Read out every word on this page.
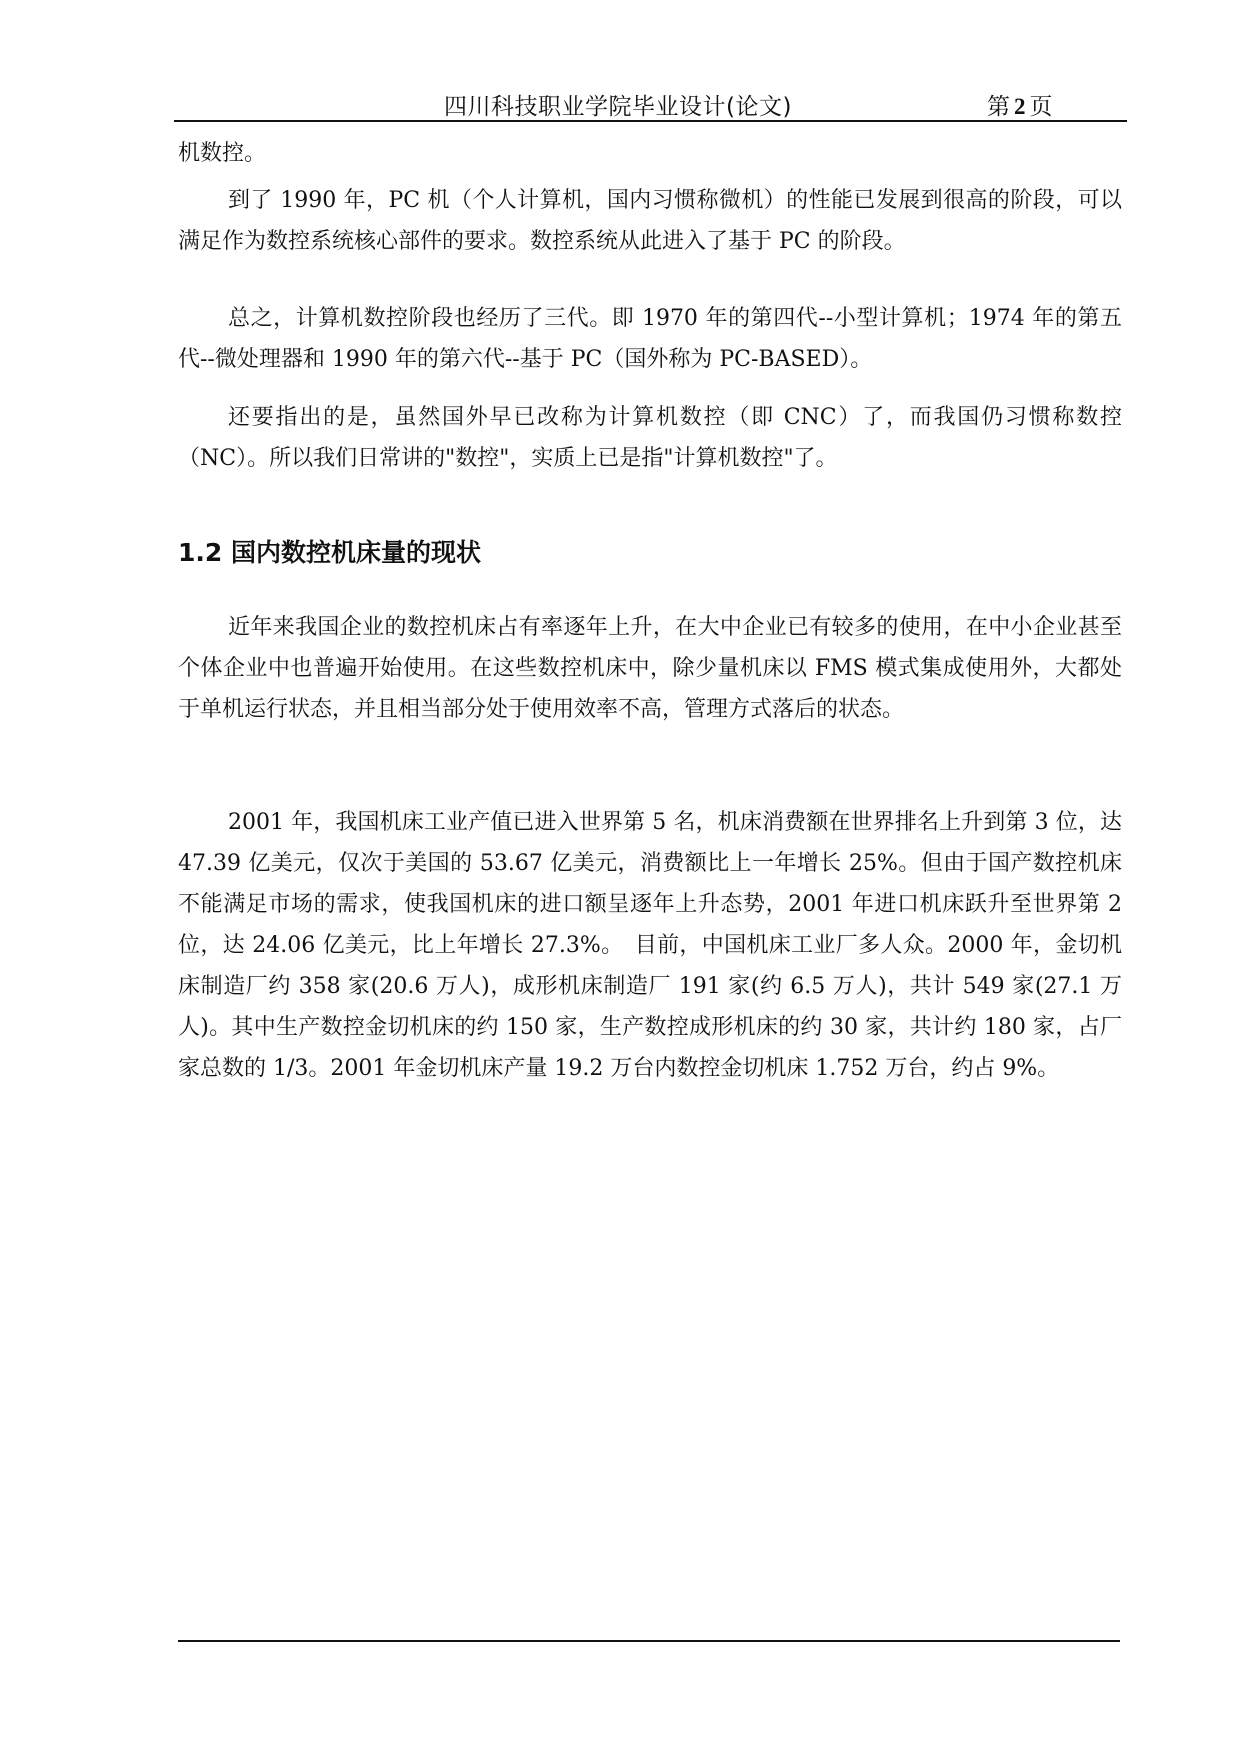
四川科技职业学院毕业设计(论文)	第 2 页

机数控。

到了 1990 年，PC 机（个人计算机，国内习惯称微机）的性能已发展到很高的阶段，可以满足作为数控系统核心部件的要求。数控系统从此进入了基于 PC 的阶段。

总之，计算机数控阶段也经历了三代。即 1970 年的第四代--小型计算机；1974 年的第五代--微处理器和 1990 年的第六代--基于 PC（国外称为 PC-BASED）。

还要指出的是，虽然国外早已改称为计算机数控（即 CNC）了，而我国仍习惯称数控（NC）。所以我们日常讲的"数控"，实质上已是指"计算机数控"了。

1.2 国内数控机床量的现状

近年来我国企业的数控机床占有率逐年上升，在大中企业已有较多的使用，在中小企业甚至个体企业中也普遍开始使用。在这些数控机床中，除少量机床以 FMS 模式集成使用外，大都处于单机运行状态，并且相当部分处于使用效率不高，管理方式落后的状态。

2001 年，我国机床工业产值已进入世界第 5 名，机床消费额在世界排名上升到第 3 位，达 47.39 亿美元，仅次于美国的 53.67 亿美元，消费额比上一年增长 25%。但由于国产数控机床不能满足市场的需求，使我国机床的进口额呈逐年上升态势，2001 年进口机床跃升至世界第 2 位，达 24.06 亿美元，比上年增长 27.3%。　目前，中国机床工业厂多人众。2000 年，金切机床制造厂约 358 家(20.6 万人)，成形机床制造厂 191 家(约 6.5 万人)，共计 549 家(27.1 万人)。其中生产数控金切机床的约 150 家，生产数控成形机床的约 30 家，共计约 180 家，占厂家总数的 1/3。2001 年金切机床产量 19.2 万台内数控金切机床 1.752 万台，约占 9%。
